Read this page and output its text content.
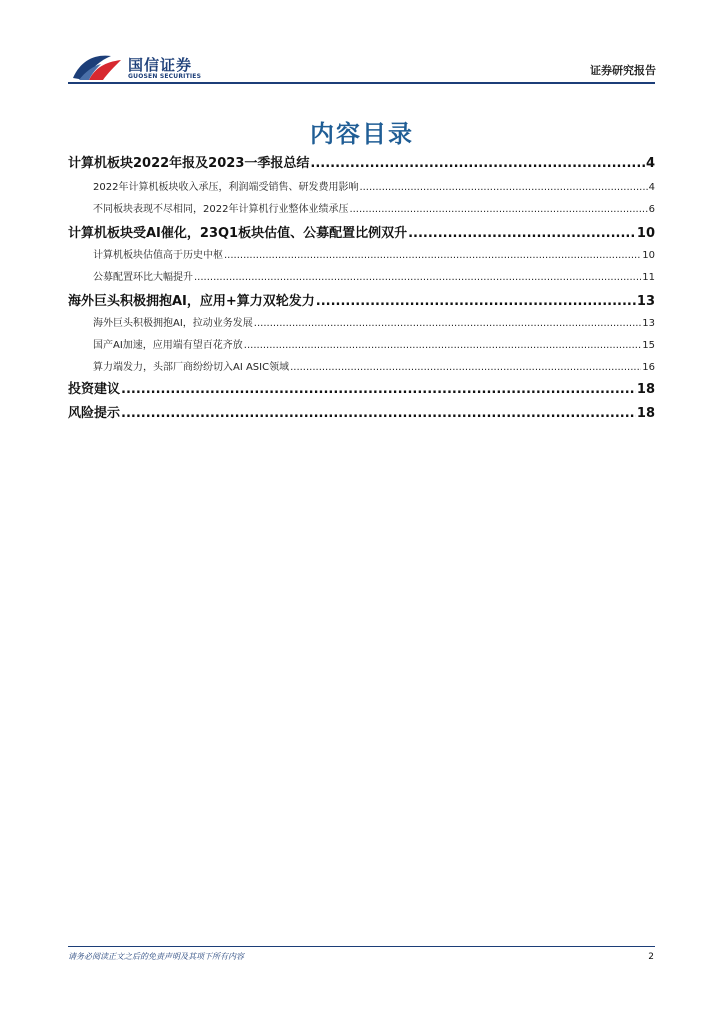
国信证券
GUOSEN SECURITIES	证券研究报告
内容目录
计算机板块2022年报及2023一季报总结 .....	4
2022年计算机板块收入承压，利润端受销售、研发费用影响 .....	4
不同板块表现不尽相同，2022年计算机行业整体业绩承压 .....	6
计算机板块受AI催化，23Q1板块估值、公募配置比例双升 .....	10
计算机板块估值高于历史中枢 .....	10
公募配置环比大幅提升 .....	11
海外巨头积极拥抱AI，应用+算力双轮发力 .....	13
海外巨头积极拥抱AI，拉动业务发展 .....	13
国产AI加速，应用端有望百花齐放 .....	15
算力端发力，头部厂商纷纷切入AI ASIC领域 .....	16
投资建议 .....	18
风险提示 .....	18
请务必阅读正文之后的免责声明及其项下所有内容	2
